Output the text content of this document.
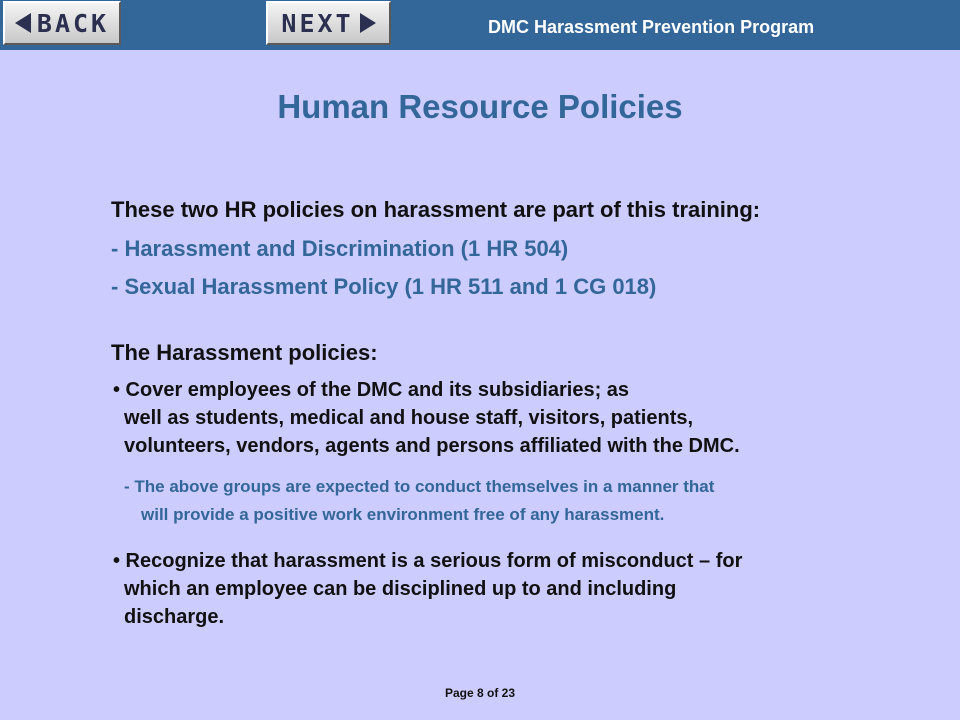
BACK	NEXT	DMC Harassment Prevention Program
Human Resource Policies
These two HR policies on harassment are part of this training:
- Harassment and Discrimination (1 HR 504)
- Sexual Harassment Policy (1 HR 511 and 1 CG 018)
The Harassment policies:
• Cover employees of the DMC and its subsidiaries; as
well as students, medical and house staff, visitors, patients,
volunteers, vendors, agents and persons affiliated with the DMC.
- The above groups are expected to conduct themselves in a manner that
will provide a positive work environment free of any harassment.
• Recognize that harassment is a serious form of misconduct – for
which an employee can be disciplined up to and including
discharge.
Page 8 of 23
